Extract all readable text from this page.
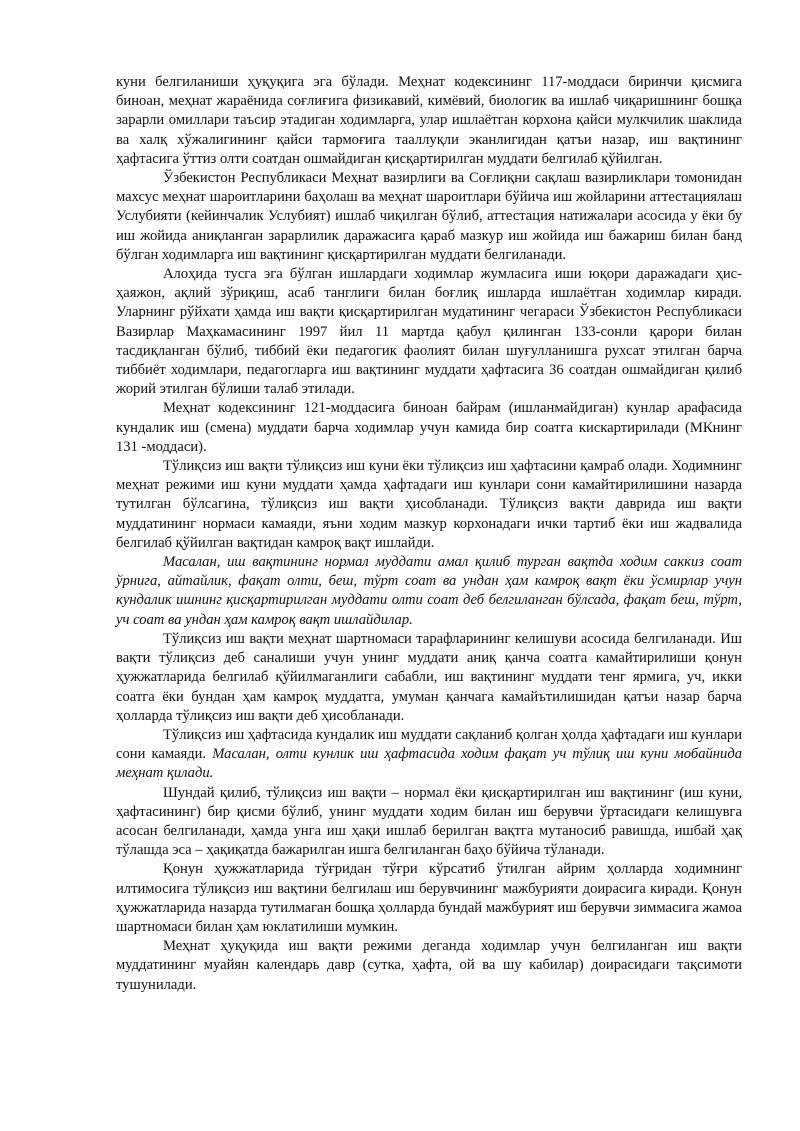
куни белгиланиши ҳуқуқига эга бўлади. Меҳнат кодексининг 117-моддаси биринчи қисмига биноан, меҳнат жараёнида соғлиғига физикавий, кимёвий, биологик ва ишлаб чиқаришнинг бошқа зарарли омиллари таъсир этадиган ходимларга, улар ишлаётган корхона қайси мулкчилик шаклида ва халқ хўжалигининг қайси тармоғига тааллуқли эканлигидан қатъи назар, иш вақтининг ҳафтасига ўттиз олти соатдан ошмайдиган қисқартирилган муддати белгилаб қўйилган.

Ўзбекистон Республикаси Меҳнат вазирлиги ва Соғлиқни сақлаш вазирликлари томонидан махсус меҳнат шароитларини баҳолаш ва меҳнат шароитлари бўйича иш жойларини аттестациялаш Услубияти (кейинчалик Услубият) ишлаб чиқилган бўлиб, аттестация натижалари асосида у ёки бу иш жойида аниқланган зарарлилик даражасига қараб мазкур иш жойида иш бажариш билан банд бўлган ходимларга иш вақтининг қисқартирилган муддати белгиланади.

Алоҳида тусга эга бўлган ишлардаги ходимлар жумласига иши юқори даражадаги ҳис-ҳаяжон, ақлий зўриқиш, асаб танглиги билан боғлиқ ишларда ишлаётган ходимлар киради. Уларнинг рўйхати ҳамда иш вақти қисқартирилган мудатининг чегараси Ўзбекистон Республикаси Вазирлар Маҳкамасининг 1997 йил 11 мартда қабул қилинган 133-сонли қарори билан тасдиқланган бўлиб, тиббий ёки педагогик фаолият билан шуғулланишга рухсат этилган барча тиббиёт ходимлари, педагогларга иш вақтининг муддати ҳафтасига 36 соатдан ошмайдиган қилиб жорий этилган бўлиши талаб этилади.

Меҳнат кодексининг 121-моддасига биноан байрам (ишланмайдиган) кунлар арафасида кундалик иш (смена) муддати барча ходимлар учун камида бир соатга кискартирилади (МКнинг 131 -моддаси).

Тўлиқсиз иш вақти тўлиқсиз иш куни ёки тўлиқсиз иш ҳафтасини қамраб олади. Ходимнинг меҳнат режими иш куни муддати ҳамда ҳафтадаги иш кунлари сони камайтирилишини назарда тутилган бўлсагина, тўлиқсиз иш вақти ҳисобланади. Тўлиқсиз вақти даврида иш вақти муддатининг нормаси камаяди, яъни ходим мазкур корхонадаги ички тартиб ёки иш жадвалида белгилаб қўйилган вақтидан камроқ вақт ишлайди.

Масалан, иш вақтининг нормал муддати амал қилиб турган вақтда ходим саккиз соат ўрнига, айтайлик, фақат олти, беш, тўрт соат ва ундан ҳам камроқ вақт ёки ўсмирлар учун кундалик ишнинг қисқартирилган муддати олти соат деб белгиланган бўлсада, фақат беш, тўрт, уч соат ва ундан ҳам камроқ вақт ишлайдилар.

Тўлиқсиз иш вақти меҳнат шартномаси тарафларининг келишуви асосида белгиланади. Иш вақти тўлиқсиз деб саналиши учун унинг муддати аниқ қанча соатга камайтирилиши қонун ҳужжатларида белгилаб қўйилмаганлиги сабабли, иш вақтининг муддати тенг ярмига, уч, икки соатга ёки бундан ҳам камроқ муддатга, умуман қанчага камайътилишидан қатъи назар барча ҳолларда тўлиқсиз иш вақти деб ҳисобланади.

Тўлиқсиз иш ҳафтасида кундалик иш муддати сақланиб қолган ҳолда ҳафтадаги иш кунлари сони камаяди. Масалан, олти кунлик иш ҳафтасида ходим фақат уч тўлиқ иш куни мобайнида меҳнат қилади.

Шундай қилиб, тўлиқсиз иш вақти – нормал ёки қисқартирилган иш вақтининг (иш куни, ҳафтасининг) бир қисми бўлиб, унинг муддати ходим билан иш берувчи ўртасидаги келишувга асосан белгиланади, ҳамда унга иш ҳақи ишлаб берилган вақтга мутаносиб равишда, ишбай ҳақ тўлашда эса – ҳақиқатда бажарилган ишга белгиланган баҳо бўйича тўланади.

Қонун ҳужжатларида тўғридан тўғри кўрсатиб ўтилган айрим ҳолларда ходимнинг илтимосига тўлиқсиз иш вақтини белгилаш иш берувчининг мажбурияти доирасига киради. Қонун ҳужжатларида назарда тутилмаган бошқа ҳолларда бундай мажбурият иш берувчи зиммасига жамоа шартномаси билан ҳам юклатилиши мумкин.

Меҳнат ҳуқуқида иш вақти режими деганда ходимлар учун белгиланган иш вақти муддатининг муайян календарь давр (сутка, ҳафта, ой ва шу кабилар) доирасидаги тақсимоти тушунилади.
